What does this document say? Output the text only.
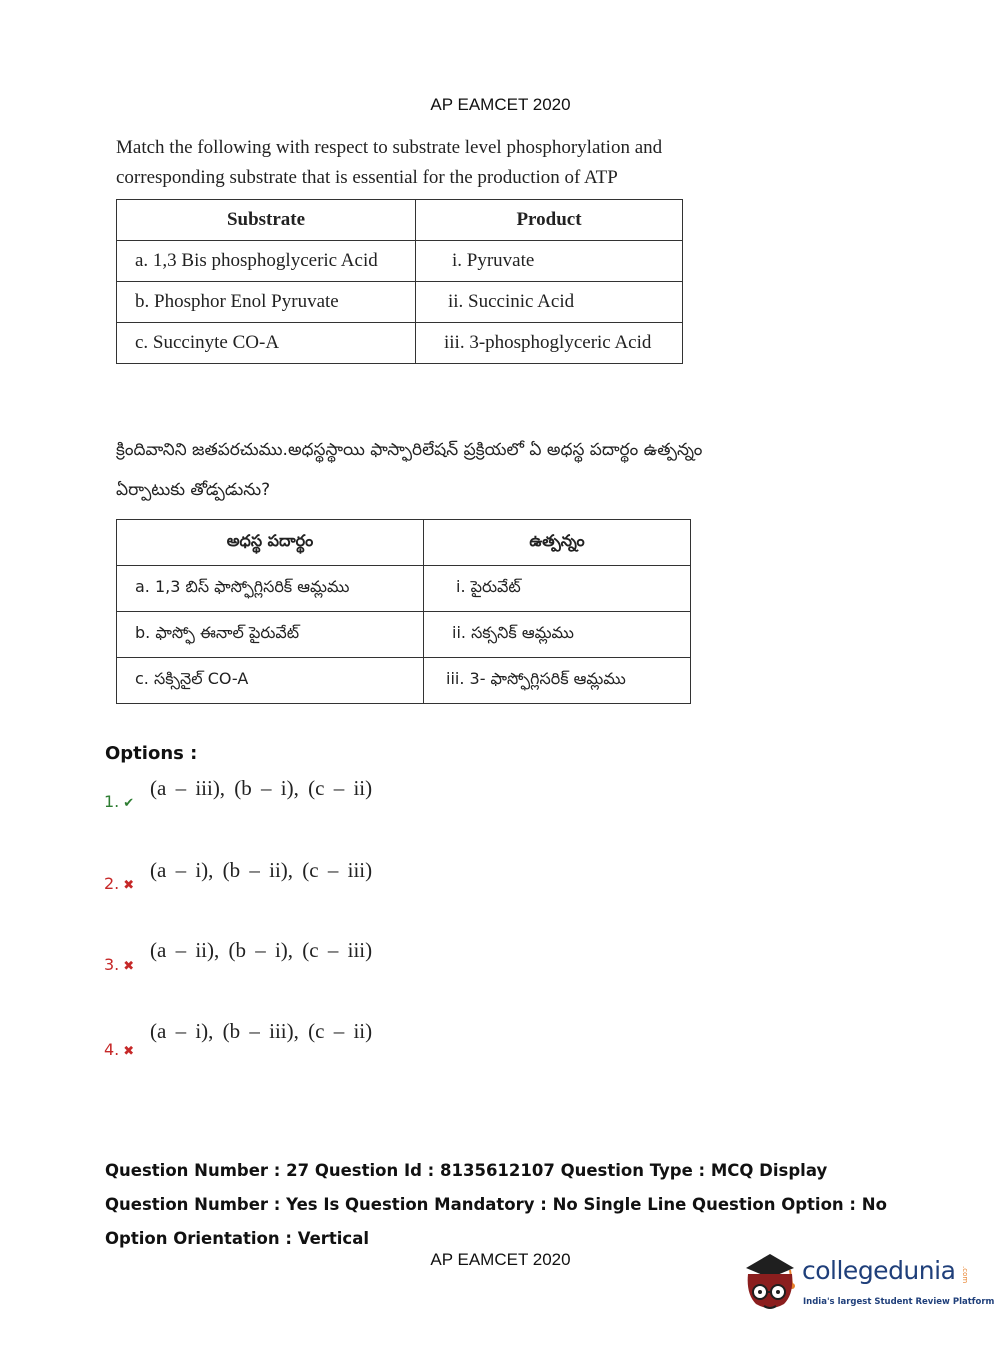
AP EAMCET 2020
Match the following with respect to substrate level phosphorylation and corresponding substrate that is essential for the production of ATP
Substrate	Product
a. 1,3 Bis phosphoglyceric Acid	i. Pyruvate
b. Phosphor Enol Pyruvate	ii. Succinic Acid
c. Succinyte CO-A	iii. 3-phosphoglyceric Acid
క్రిందివానిని జతపరచుము.అధస్థస్థాయి ఫాస్ఫారిలేషన్ ప్రక్రియలో ఏ అధస్థ పదార్థం ఉత్పన్నం ఏర్పాటుకు తోడ్పడును?
అధస్థ పదార్థం	ఉత్పన్నం
a. 1,3 బిస్ ఫాస్ఫోగ్లిసరిక్ ఆమ్లము	i. పైరువేట్
b. ఫాస్ఫో ఈనాల్ పైరువేట్	ii. సక్సనిక్ ఆమ్లము
c. సక్సినైల్ CO-A	iii. 3- ఫాస్ఫోగ్లిసరిక్ ఆమ్లము
Options :
1. ✔
(a – iii), (b – i), (c – ii)
2. ✖
(a – i), (b – ii), (c – iii)
3. ✖
(a – ii), (b – i), (c – iii)
4. ✖
(a – i), (b – iii), (c – ii)
Question Number : 27 Question Id : 8135612107 Question Type : MCQ Display Question Number : Yes Is Question Mandatory : No Single Line Question Option : No Option Orientation : Vertical
AP EAMCET 2020	collegedunia .com
India's largest Student Review Platform
